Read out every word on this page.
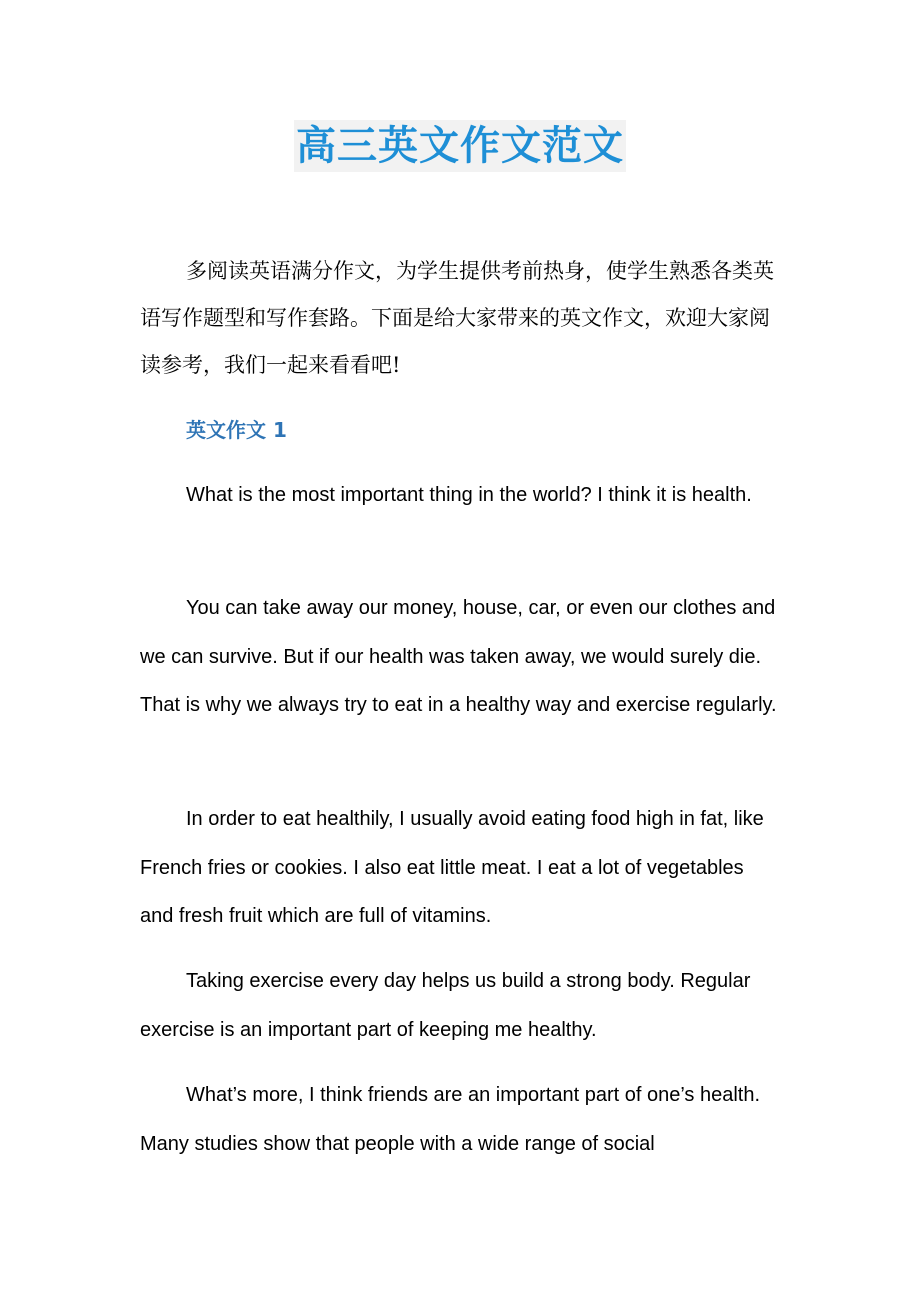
高三英文作文范文

多阅读英语满分作文，为学生提供考前热身，使学生熟悉各类英语写作题型和写作套路。下面是给大家带来的英文作文，欢迎大家阅读参考，我们一起来看看吧!

英文作文 1

What is the most important thing in the world? I think it is health.

You can take away our money, house, car, or even our clothes and we can survive. But if our health was taken away, we would surely die. That is why we always try to eat in a healthy way and exercise regularly.

In order to eat healthily, I usually avoid eating food high in fat, like French fries or cookies. I also eat little meat. I eat a lot of vegetables and fresh fruit which are full of vitamins.

Taking exercise every day helps us build a strong body. Regular exercise is an important part of keeping me healthy.

What’s more, I think friends are an important part of one’s health. Many studies show that people with a wide range of social
